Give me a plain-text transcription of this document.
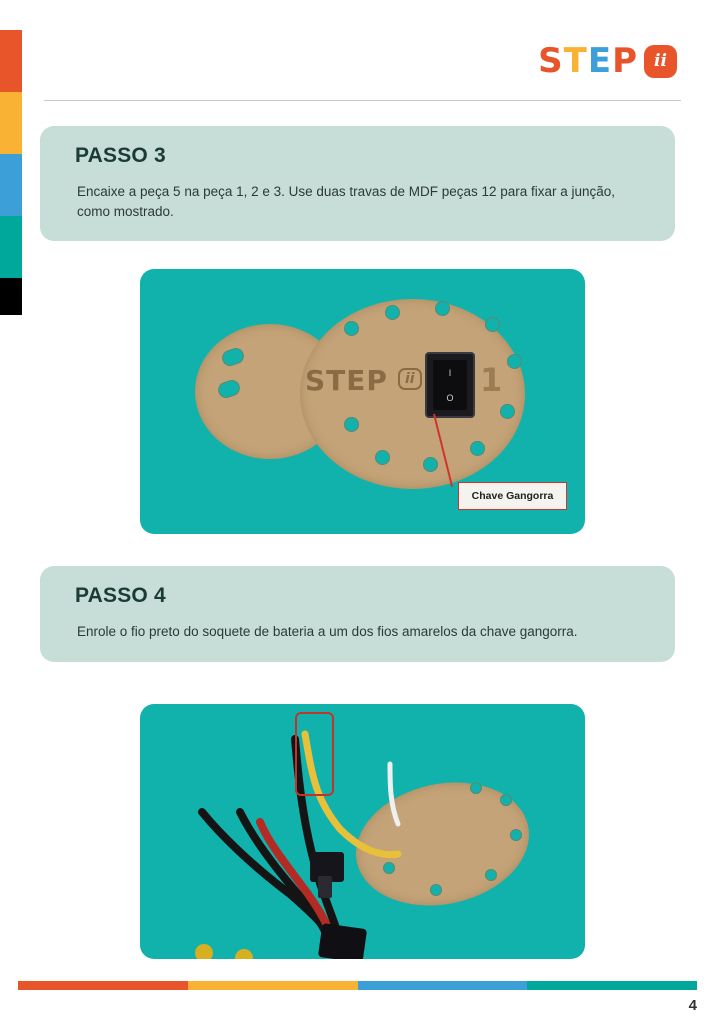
STEP ii
PASSO 3

Encaixe a peça 5 na peça 1, 2 e 3. Use duas travas de MDF peças 12 para fixar a junção, como mostrado.

STEP	ii 1
I
O
Chave Gangorra
PASSO 4

Enrole o fio preto do soquete de bateria a um dos fios amarelos da chave gangorra.

4
